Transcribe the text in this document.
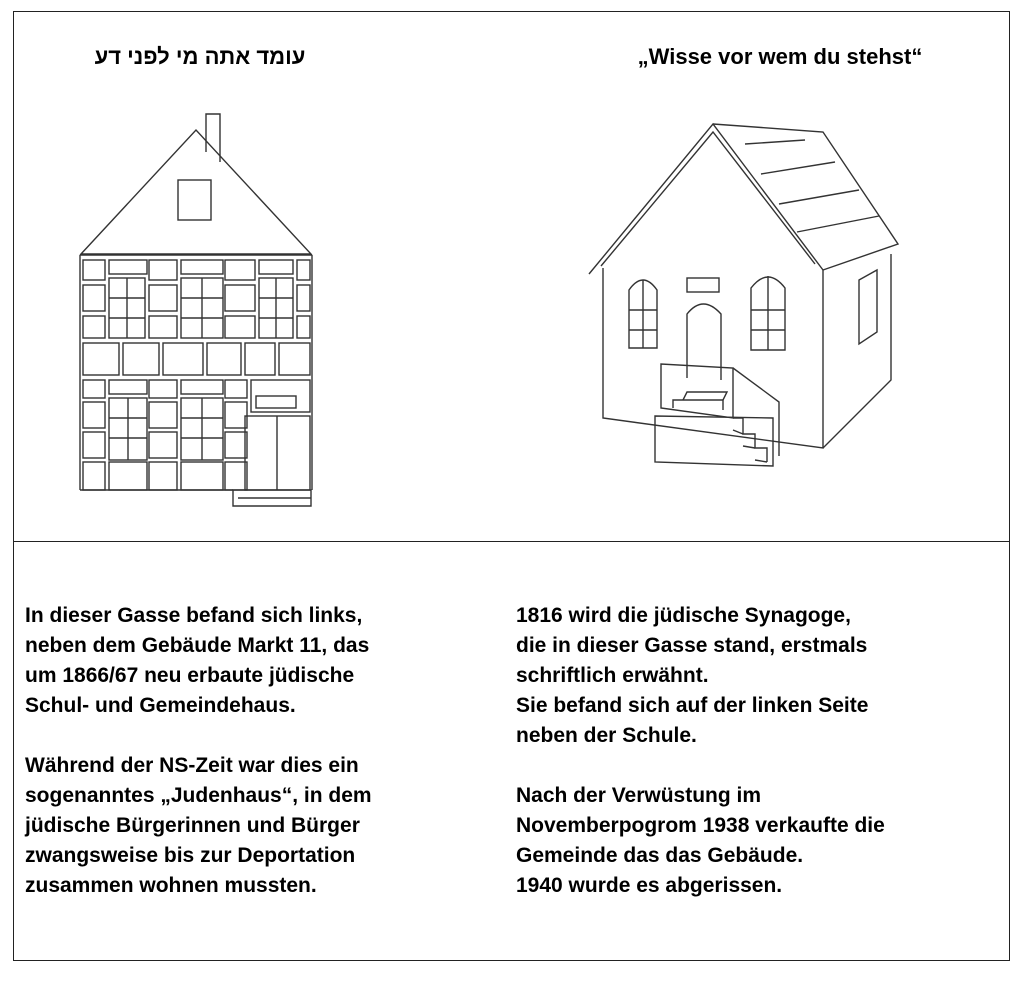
עומד אתה מי לפני דע	„Wisse vor wem du stehst“

In dieser Gasse befand sich links,
neben dem Gebäude Markt 11, das
um 1866/67 neu erbaute jüdische
Schul- und Gemeindehaus.

Während der NS-Zeit war dies ein
sogenanntes „Judenhaus“, in dem
jüdische Bürgerinnen und Bürger
zwangsweise bis zur Deportation
zusammen wohnen mussten.

1816 wird die jüdische Synagoge,
die in dieser Gasse stand, erstmals
schriftlich erwähnt.
Sie befand sich auf der linken Seite
neben der Schule.

Nach der Verwüstung im
Novemberpogrom 1938 verkaufte die
Gemeinde das das Gebäude.
1940 wurde es abgerissen.
